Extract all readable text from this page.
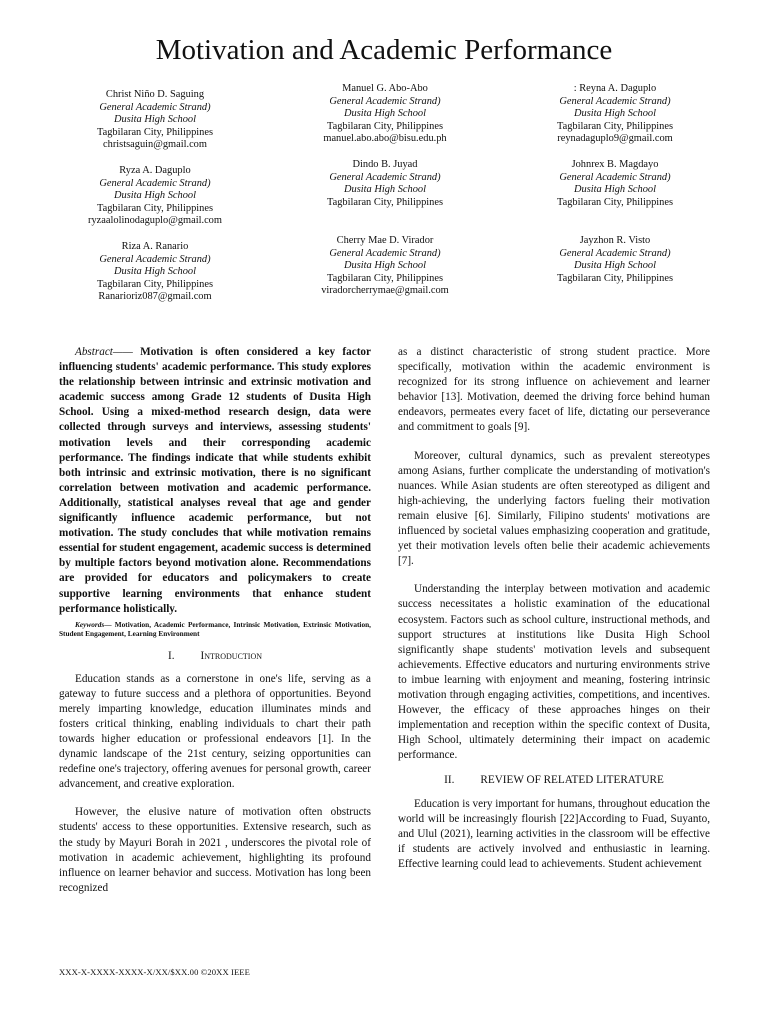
Motivation and Academic Performance
Christ Niño D. Saguing
General Academic Strand)
Dusita High School
Tagbilaran City, Philippines
christsaguin@gmail.com
Manuel G. Abo-Abo
General Academic Strand)
Dusita High School
Tagbilaran City, Philippines
manuel.abo.abo@bisu.edu.ph
: Reyna A. Daguplo
General Academic Strand)
Dusita High School
Tagbilaran City, Philippines
reynadaguplo9@gmail.com
Ryza A. Daguplo
General Academic Strand)
Dusita High School
Tagbilaran City, Philippines
ryzaalolinodaguplo@gmail.com
Dindo B. Juyad
General Academic Strand)
Dusita High School
Tagbilaran City, Philippines
Johnrex B. Magdayo
General Academic Strand)
Dusita High School
Tagbilaran City, Philippines
Riza A. Ranario
General Academic Strand)
Dusita High School
Tagbilaran City, Philippines
Ranarioriz087@gmail.com
Cherry Mae D. Virador
General Academic Strand)
Dusita High School
Tagbilaran City, Philippines
viradorcherrymae@gmail.com
Jayzhon R. Visto
General Academic Strand)
Dusita High School
Tagbilaran City, Philippines

Abstract—— Motivation is often considered a key factor influencing students' academic performance. This study explores the relationship between intrinsic and extrinsic motivation and academic success among Grade 12 students of Dusita High School. Using a mixed-method research design, data were collected through surveys and interviews, assessing students' motivation levels and their corresponding academic performance. The findings indicate that while students exhibit both intrinsic and extrinsic motivation, there is no significant correlation between motivation and academic performance. Additionally, statistical analyses reveal that age and gender significantly influence academic performance, but not motivation. The study concludes that while motivation remains essential for student engagement, academic success is determined by multiple factors beyond motivation alone. Recommendations are provided for educators and policymakers to create supportive learning environments that enhance student performance holistically.

Keywords— Motivation, Academic Performance, Intrinsic Motivation, Extrinsic Motivation, Student Engagement, Learning Environment

I. Introduction

Education stands as a cornerstone in one's life, serving as a gateway to future success and a plethora of opportunities. Beyond merely imparting knowledge, education illuminates minds and fosters critical thinking, enabling individuals to chart their path towards higher education or professional endeavors [1]. In the dynamic landscape of the 21st century, seizing opportunities can redefine one's trajectory, offering avenues for personal growth, career advancement, and creative exploration.

However, the elusive nature of motivation often obstructs students' access to these opportunities. Extensive research, such as the study by Mayuri Borah in 2021 , underscores the pivotal role of motivation in academic achievement, highlighting its profound influence on learner behavior and success. Motivation has long been recognized

as a distinct characteristic of strong student practice. More specifically, motivation within the academic environment is recognized for its strong influence on achievement and learner behavior [13]. Motivation, deemed the driving force behind human endeavors, permeates every facet of life, dictating our perseverance and commitment to goals [9].

Moreover, cultural dynamics, such as prevalent stereotypes among Asians, further complicate the understanding of motivation's nuances. While Asian students are often stereotyped as diligent and high-achieving, the underlying factors fueling their motivation remain elusive [6]. Similarly, Filipino students' motivations are influenced by societal values emphasizing cooperation and gratitude, yet their motivation levels often belie their academic achievements [7].

Understanding the interplay between motivation and academic success necessitates a holistic examination of the educational ecosystem. Factors such as school culture, instructional methods, and support structures at institutions like Dusita High School significantly shape students' motivation levels and subsequent achievements. Effective educators and nurturing environments strive to imbue learning with enjoyment and meaning, fostering intrinsic motivation through engaging activities, competitions, and incentives. However, the efficacy of these approaches hinges on their implementation and reception within the specific context of Dusita, High School, ultimately determining their impact on academic performance.

II. REVIEW OF RELATED LITERATURE

Education is very important for humans, throughout education the world will be increasingly flourish [22]According to Fuad, Suyanto, and Ulul (2021), learning activities in the classroom will be effective if students are actively involved and enthusiastic in learning. Effective learning could lead to achievements. Student achievement

XXX-X-XXXX-XXXX-X/XX/$XX.00 ©20XX IEEE
